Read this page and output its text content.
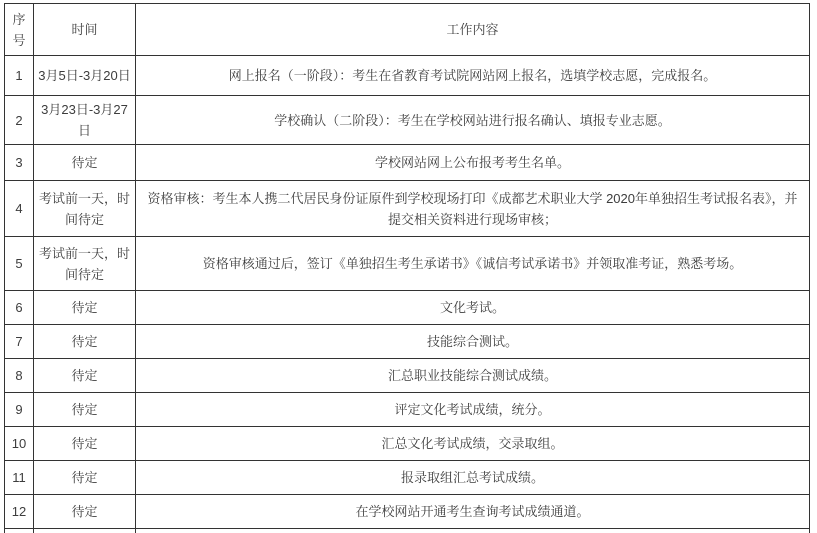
序号	时间	工作内容
1	3月5日-3月20日	网上报名（一阶段）：考生在省教育考试院网站网上报名，选填学校志愿，完成报名。
2	3月23日-3月27日	学校确认（二阶段）：考生在学校网站进行报名确认、填报专业志愿。
3	待定	学校网站网上公布报考考生名单。
4	考试前一天，时间待定	资格审核：考生本人携二代居民身份证原件到学校现场打印《成都艺术职业大学 2020年单独招生考试报名表》，并提交相关资料进行现场审核；
5	考试前一天，时间待定	资格审核通过后，签订《单独招生考生承诺书》《诚信考试承诺书》并领取准考证，熟悉考场。
6	待定	文化考试。
7	待定	技能综合测试。
8	待定	汇总职业技能综合测试成绩。
9	待定	评定文化考试成绩，统分。
10	待定	汇总文化考试成绩，交录取组。
11	待定	报录取组汇总考试成绩。
12	待定	在学校网站开通考生查询考试成绩通道。
